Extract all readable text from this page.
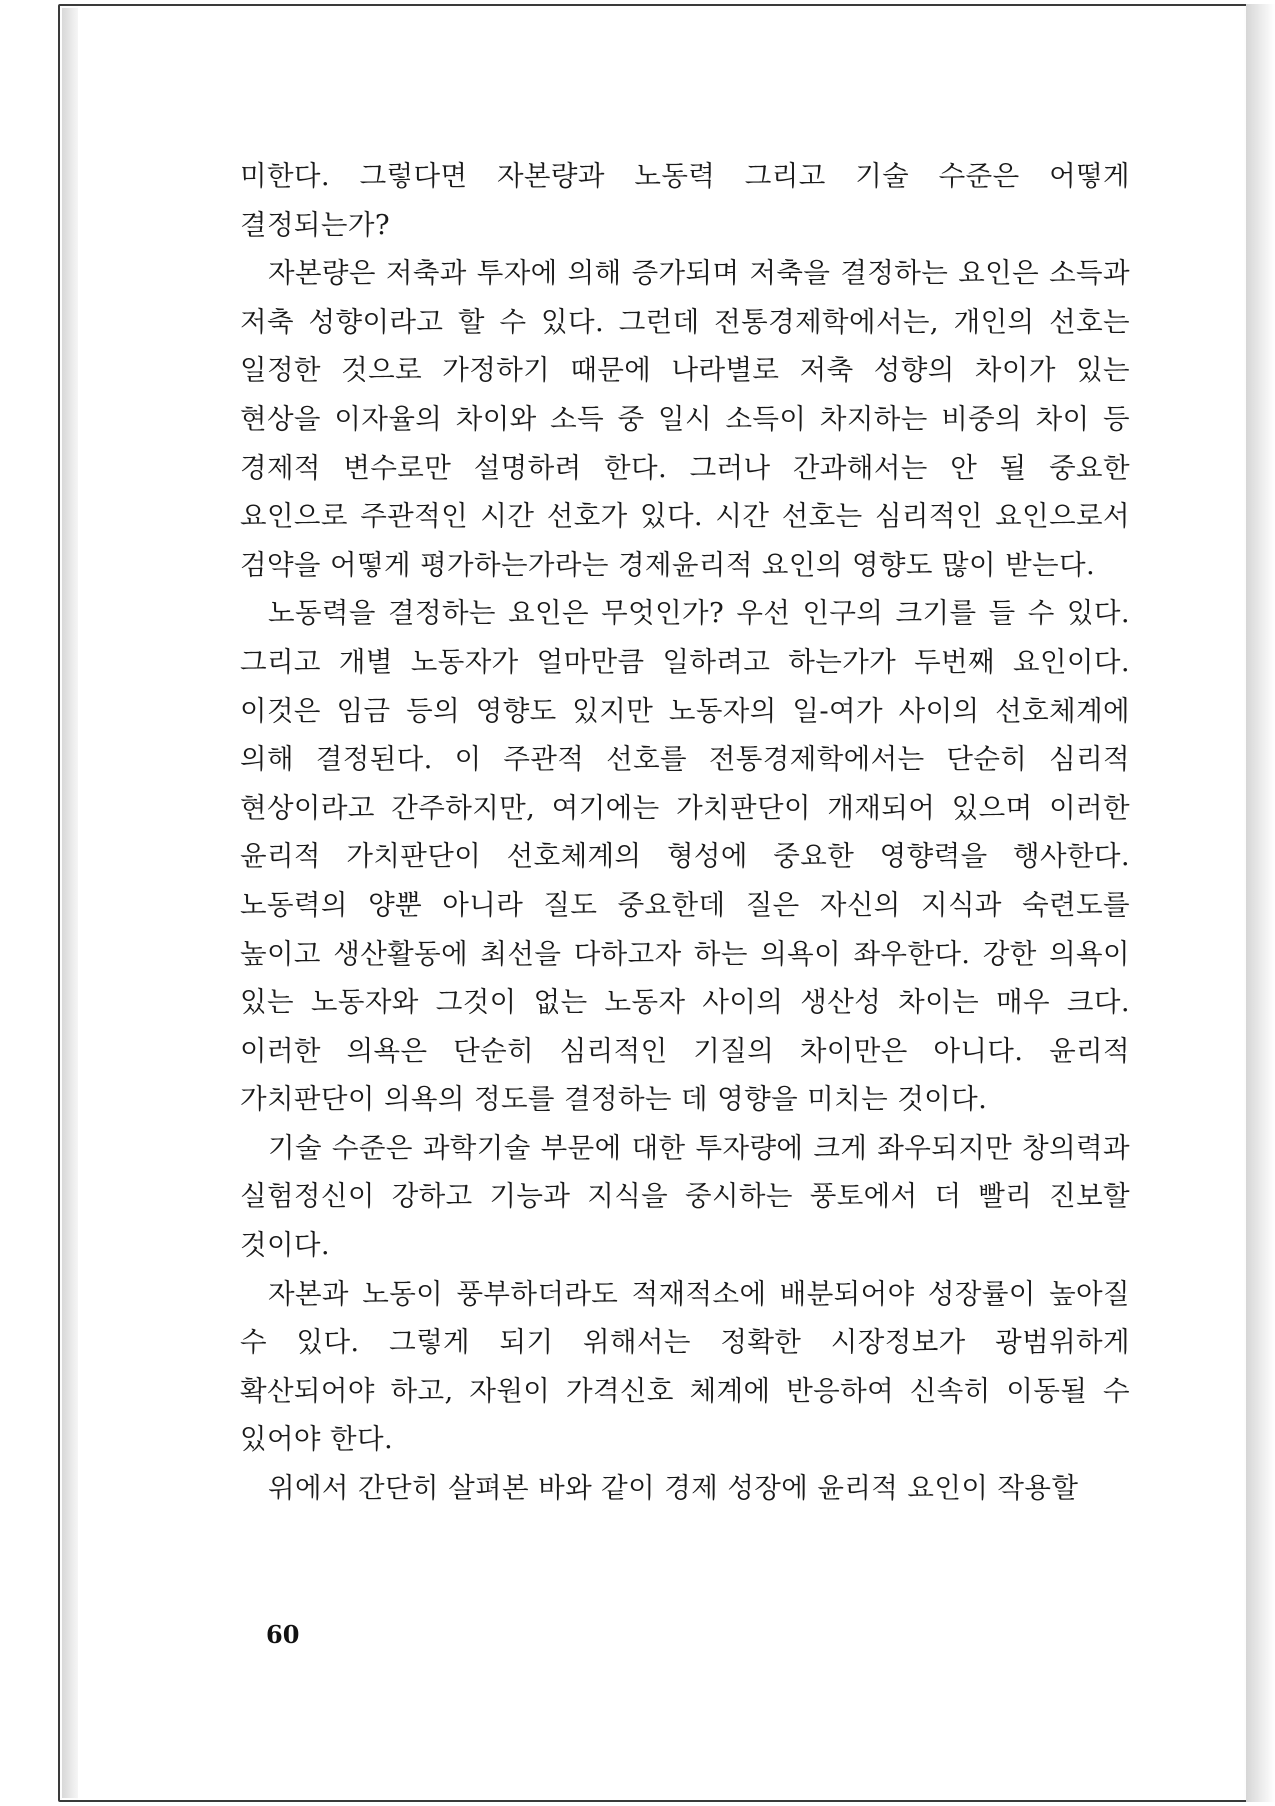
미한다. 그렇다면 자본량과 노동력 그리고 기술 수준은 어떻게 결정되는가?

자본량은 저축과 투자에 의해 증가되며 저축을 결정하는 요인은 소득과 저축 성향이라고 할 수 있다. 그런데 전통경제학에서는, 개인의 선호는 일정한 것으로 가정하기 때문에 나라별로 저축 성향의 차이가 있는 현상을 이자율의 차이와 소득 중 일시 소득이 차지하는 비중의 차이 등 경제적 변수로만 설명하려 한다. 그러나 간과해서는 안 될 중요한 요인으로 주관적인 시간 선호가 있다. 시간 선호는 심리적인 요인으로서 검약을 어떻게 평가하는가라는 경제윤리적 요인의 영향도 많이 받는다.

노동력을 결정하는 요인은 무엇인가? 우선 인구의 크기를 들 수 있다. 그리고 개별 노동자가 얼마만큼 일하려고 하는가가 두번째 요인이다. 이것은 임금 등의 영향도 있지만 노동자의 일-여가 사이의 선호체계에 의해 결정된다. 이 주관적 선호를 전통경제학에서는 단순히 심리적 현상이라고 간주하지만, 여기에는 가치판단이 개재되어 있으며 이러한 윤리적 가치판단이 선호체계의 형성에 중요한 영향력을 행사한다. 노동력의 양뿐 아니라 질도 중요한데 질은 자신의 지식과 숙련도를 높이고 생산활동에 최선을 다하고자 하는 의욕이 좌우한다. 강한 의욕이 있는 노동자와 그것이 없는 노동자 사이의 생산성 차이는 매우 크다. 이러한 의욕은 단순히 심리적인 기질의 차이만은 아니다. 윤리적 가치판단이 의욕의 정도를 결정하는 데 영향을 미치는 것이다.

기술 수준은 과학기술 부문에 대한 투자량에 크게 좌우되지만 창의력과 실험정신이 강하고 기능과 지식을 중시하는 풍토에서 더 빨리 진보할 것이다.

자본과 노동이 풍부하더라도 적재적소에 배분되어야 성장률이 높아질 수 있다. 그렇게 되기 위해서는 정확한 시장정보가 광범위하게 확산되어야 하고, 자원이 가격신호 체계에 반응하여 신속히 이동될 수 있어야 한다.

위에서 간단히 살펴본 바와 같이 경제 성장에 윤리적 요인이 작용할

60
